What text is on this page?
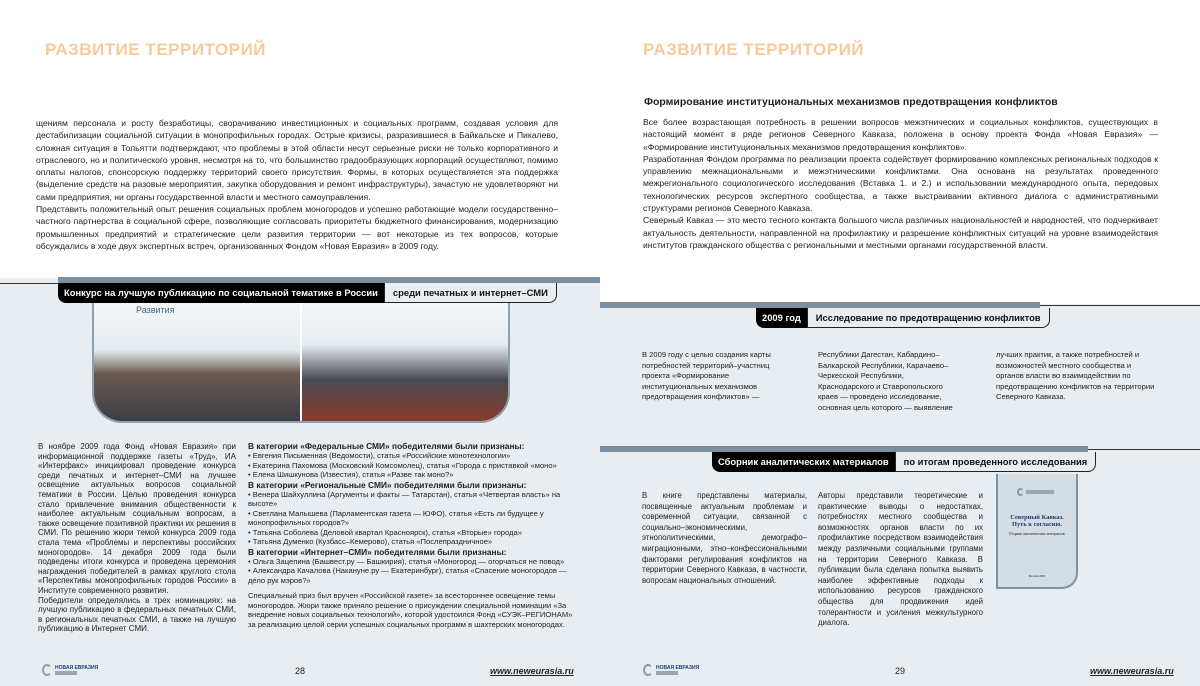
РАЗВИТИЕ ТЕРРИТОРИЙ

щениям персонала и росту безработицы, сворачиванию инвестиционных и социальных программ, создавая условия для дестабилизации социальной ситуации в монопрофильных городах. Острые кризисы, разразившиеся в Байкальске и Пикалево, сложная ситуация в Тольятти подтверждают, что проблемы в этой области несут серьезные риски не только корпоративного и отраслевого, но и политического уровня, несмотря на то, что большинство градообразующих корпораций осуществляют, помимо оплаты налогов, спонсорскую поддержку территорий своего присутствия. Формы, в которых осуществляется эта поддержка (выделение средств на разовые мероприятия, закупка оборудования и ремонт инфраструктуры), зачастую не удовлетворяют ни сами предприятия, ни органы государственной власти и местного самоуправления.

Представить положительный опыт решения социальных проблем моногородов и успешно работающие модели государственно–частного партнерства в социальной сфере, позволяющие согласовать приоритеты бюджетного финансирования, модернизацию промышленных предприятий и стратегические цели развития территории — вот некоторые из тех вопросов, которые обсуждались в ходе двух экспертных встреч, организованных Фондом «Новая Евразия» в 2009 году.

Конкурс на лучшую публикацию по социальной тематике в России	среди печатных и интернет–СМИ
Развития

В ноябре 2009 года Фонд «Новая Евразия» при информационной поддержке газеты «Труд», ИА «Интерфакс» инициировал проведение конкурса среди печатных и интернет–СМИ на лучшее освещение актуальных вопросов социальной тематики в России. Целью проведения конкурса стало привлечение внимания общественности к наиболее актуальным социальным вопросам, а также освещение позитивной практики их решения в СМИ. По решению жюри темой конкурса 2009 года стала тема «Проблемы и перспективы российских моногородов». 14 декабря 2009 года были подведены итоги конкурса и проведена церемония награждения победителей в рамках круглого стола «Перспективы монопрофильных городов России» в Институте современного развития.

Победители определялись в трех номинациях: на лучшую публикацию в федеральных печатных СМИ, в региональных печатных СМИ, а также на лучшую публикацию в Интернет СМИ.

В категории «Федеральные СМИ» победителями были признаны:
• Евгения Письменная (Ведомости), статья «Российские монотехнологии»
• Екатерина Пахомова (Московский Комсомолец), статья «Города с приставкой «моно»
• Елена Шишкунова (Известия), статья «Разве так моно?»
В категории «Региональные СМИ» победителями были признаны:
• Венера Шайхуллина (Аргументы и факты — Татарстан), статья «Четвертая власть» на высоте»
• Светлана Малышева (Парламентская газета — ЮФО), статья «Есть ли будущее у монопрофильных городов?»
• Татьяна Соболева (Деловой квартал Красноярск), статья «Вторые» города»
• Татьяна Думенко (Кузбасс–Кемерово), статья «Послепраздничное»
В категории «Интернет–СМИ» победителями были признаны:
• Ольга Зацепина (Башвест.ру — Башкирия), статья «Моногород — огорчаться не повод»
• Александра Качалова (Накануне.ру — Екатеринбург), статья «Спасение моногородов — дело рук мэров?»

Специальный приз был вручен «Российской газете» за всестороннее освещение темы моногородов. Жюри также приняло решение о присуждении специальной номинации «За внедрение новых социальных технологий», которой удостоился Фонд «СУЭК–РЕГИОНАМ» за реализацию целой серии успешных социальных программ в шахтерских моногородах.

НОВАЯ ЕВРАЗИЯ	28	www.neweurasia.ru
РАЗВИТИЕ ТЕРРИТОРИЙ
Формирование институциональных механизмов предотвращения конфликтов

Все более возрастающая потребность в решении вопросов межэтнических и социальных конфликтов, существующих в настоящий момент в ряде регионов Северного Кавказа, положена в основу проекта Фонда «Новая Евразия» — «Формирование институциональных механизмов предотвращения конфликтов».

Разработанная Фондом программа по реализации проекта содействует формированию комплексных региональных подходов к управлению межнациональными и межэтническими конфликтами. Она основана на результатах проведенного межрегионального социологического исследования (Вставка 1. и 2.) и использовании международного опыта, передовых технологических ресурсов экспертного сообщества, а также выстраивании активного диалога с административными структурами регионов Северного Кавказа.

Северный Кавказ — это место тесного контакта большого числа различных национальностей и народностей, что подчеркивает актуальность деятельности, направленной на профилактику и разрешение конфликтных ситуаций на уровне взаимодействия институтов гражданского общества с региональными и местными органами государственной власти.

2009 год	Исследование по предотвращению конфликтов
В 2009 году с целью создания карты потребностей территорий–участниц проекта «Формирование институциональных механизмов предотвращения конфликтов» —
Республики Дагестан, Кабардино–Балкарской Республики, Карачаево–Черкесской Республики, Краснодарского и Ставропольского краев — проведено исследование, основная цель которого — выявление
лучших практик, а также потребностей и возможностей местного сообщества и органов власти во взаимодействии по предотвращению конфликтов на территории Северного Кавказа.
Сборник аналитических материалов	по итогам проведенного исследования
В книге представлены материалы, посвященные актуальным проблемам и современной ситуации, связанной с социально–экономическими, этнополитическими, демографо–миграционными, этно–конфессиональными факторами регулирования конфликтов на территории Северного Кавказа, в частности, вопросам национальных отношений.
Авторы представили теоретические и практические выводы о недостатках, потребностях местного сообщества и возможностях органов власти по их профилактике посредством взаимодействия между различными социальными группами на территории Северного Кавказа. В публикации была сделана попытка выявить наиболее эффективные подходы к использованию ресурсов гражданского общества для продвижения идей толерантности и усиления межкультурного диалога.
Северный Кавказ. Путь к согласию.
Сборник аналитических материалов.
Москва 2009
НОВАЯ ЕВРАЗИЯ	29	www.neweurasia.ru
